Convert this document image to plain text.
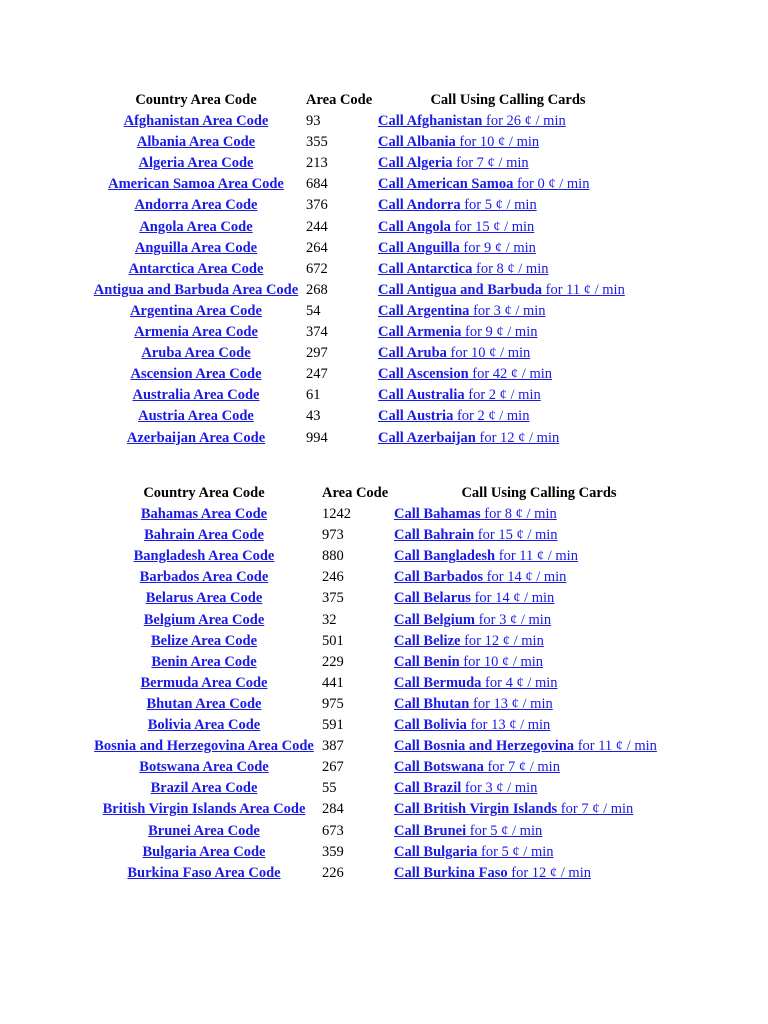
Country Area Code	Area Code	Call Using Calling Cards
Afghanistan Area Code	93	Call Afghanistan for 26 ¢ / min
Albania Area Code	355	Call Albania for 10 ¢ / min
Algeria Area Code	213	Call Algeria for 7 ¢ / min
American Samoa Area Code	684	Call American Samoa for 0 ¢ / min
Andorra Area Code	376	Call Andorra for 5 ¢ / min
Angola Area Code	244	Call Angola for 15 ¢ / min
Anguilla Area Code	264	Call Anguilla for 9 ¢ / min
Antarctica Area Code	672	Call Antarctica for 8 ¢ / min
Antigua and Barbuda Area Code	268	Call Antigua and Barbuda for 11 ¢ / min
Argentina Area Code	54	Call Argentina for 3 ¢ / min
Armenia Area Code	374	Call Armenia for 9 ¢ / min
Aruba Area Code	297	Call Aruba for 10 ¢ / min
Ascension Area Code	247	Call Ascension for 42 ¢ / min
Australia Area Code	61	Call Australia for 2 ¢ / min
Austria Area Code	43	Call Austria for 2 ¢ / min
Azerbaijan Area Code	994	Call Azerbaijan for 12 ¢ / min
Country Area Code	Area Code	Call Using Calling Cards
Bahamas Area Code	1242	Call Bahamas for 8 ¢ / min
Bahrain Area Code	973	Call Bahrain for 15 ¢ / min
Bangladesh Area Code	880	Call Bangladesh for 11 ¢ / min
Barbados Area Code	246	Call Barbados for 14 ¢ / min
Belarus Area Code	375	Call Belarus for 14 ¢ / min
Belgium Area Code	32	Call Belgium for 3 ¢ / min
Belize Area Code	501	Call Belize for 12 ¢ / min
Benin Area Code	229	Call Benin for 10 ¢ / min
Bermuda Area Code	441	Call Bermuda for 4 ¢ / min
Bhutan Area Code	975	Call Bhutan for 13 ¢ / min
Bolivia Area Code	591	Call Bolivia for 13 ¢ / min
Bosnia and Herzegovina Area Code	387	Call Bosnia and Herzegovina for 11 ¢ / min
Botswana Area Code	267	Call Botswana for 7 ¢ / min
Brazil Area Code	55	Call Brazil for 3 ¢ / min
British Virgin Islands Area Code	284	Call British Virgin Islands for 7 ¢ / min
Brunei Area Code	673	Call Brunei for 5 ¢ / min
Bulgaria Area Code	359	Call Bulgaria for 5 ¢ / min
Burkina Faso Area Code	226	Call Burkina Faso for 12 ¢ / min
